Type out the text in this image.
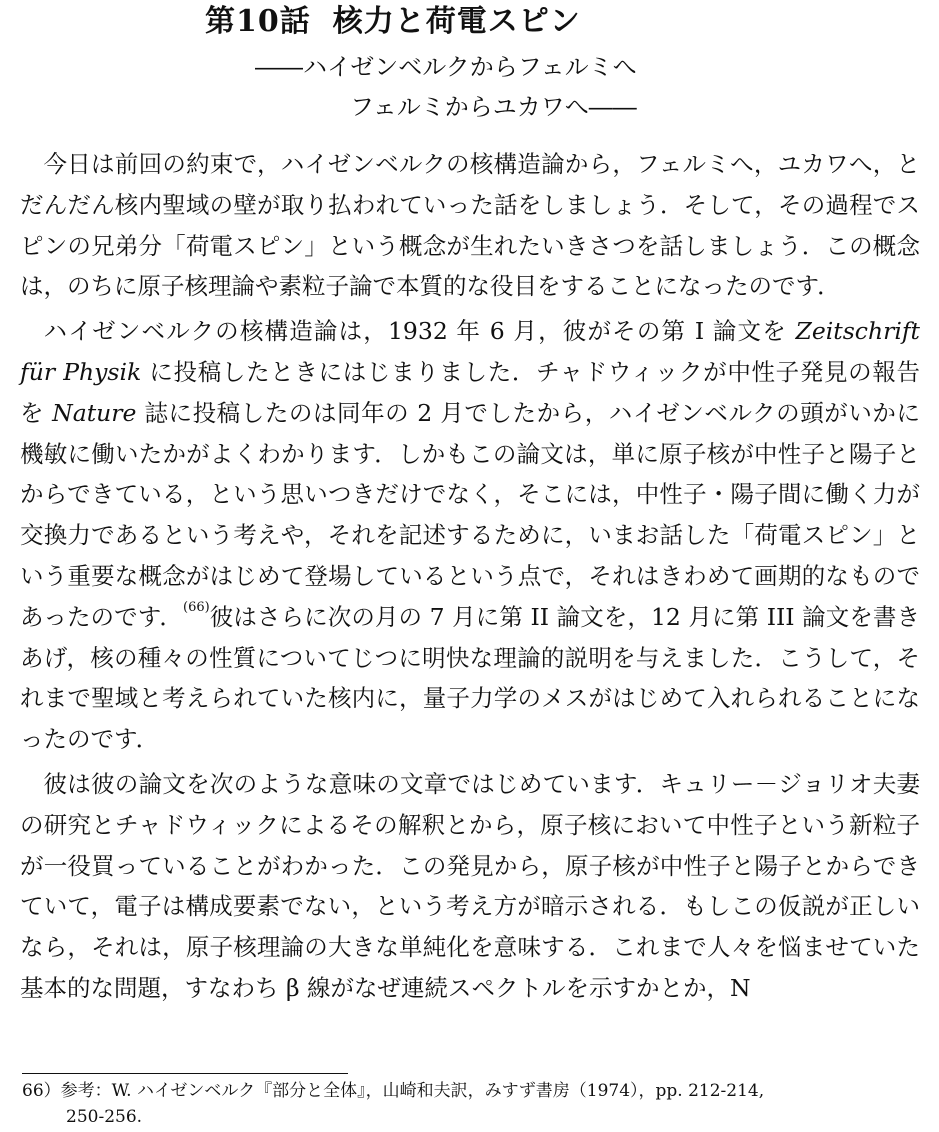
第10話 核力と荷電スピン
――ハイゼンベルクからフェルミへ
フェルミからユカワへ――

今日は前回の約束で，ハイゼンベルクの核構造論から，フェルミへ，ユカワへ，とだんだん核内聖域の壁が取り払われていった話をしましょう．そして，その過程でスピンの兄弟分「荷電スピン」という概念が生れたいきさつを話しましょう．この概念は，のちに原子核理論や素粒子論で本質的な役目をすることになったのです．

ハイゼンベルクの核構造論は，1932 年 6 月，彼がその第 I 論文を Zeitschrift für Physik に投稿したときにはじまりました．チャドウィックが中性子発見の報告を Nature 誌に投稿したのは同年の 2 月でしたから，ハイゼンベルクの頭がいかに機敏に働いたかがよくわかります．しかもこの論文は，単に原子核が中性子と陽子とからできている，という思いつきだけでなく，そこには，中性子・陽子間に働く力が交換力であるという考えや，それを記述するために，いまお話した「荷電スピン」という重要な概念がはじめて登場しているという点で，それはきわめて画期的なものであったのです．$^{(66)}$彼はさらに次の月の 7 月に第 II 論文を，12 月に第 III 論文を書きあげ，核の種々の性質についてじつに明快な理論的説明を与えました．こうして，それまで聖域と考えられていた核内に，量子力学のメスがはじめて入れられることになったのです．

彼は彼の論文を次のような意味の文章ではじめています．キュリー－ジョリオ夫妻の研究とチャドウィックによるその解釈とから，原子核において中性子という新粒子が一役買っていることがわかった．この発見から，原子核が中性子と陽子とからできていて，電子は構成要素でない，という考え方が暗示される．もしこの仮説が正しいなら，それは，原子核理論の大きな単純化を意味する．これまで人々を悩ませていた基本的な問題，すなわち β 線がなぜ連続スペクトルを示すかとか，N

66）参考：W. ハイゼンベルク『部分と全体』，山崎和夫訳，みすず書房（1974），pp. 212-214,
250-256.
